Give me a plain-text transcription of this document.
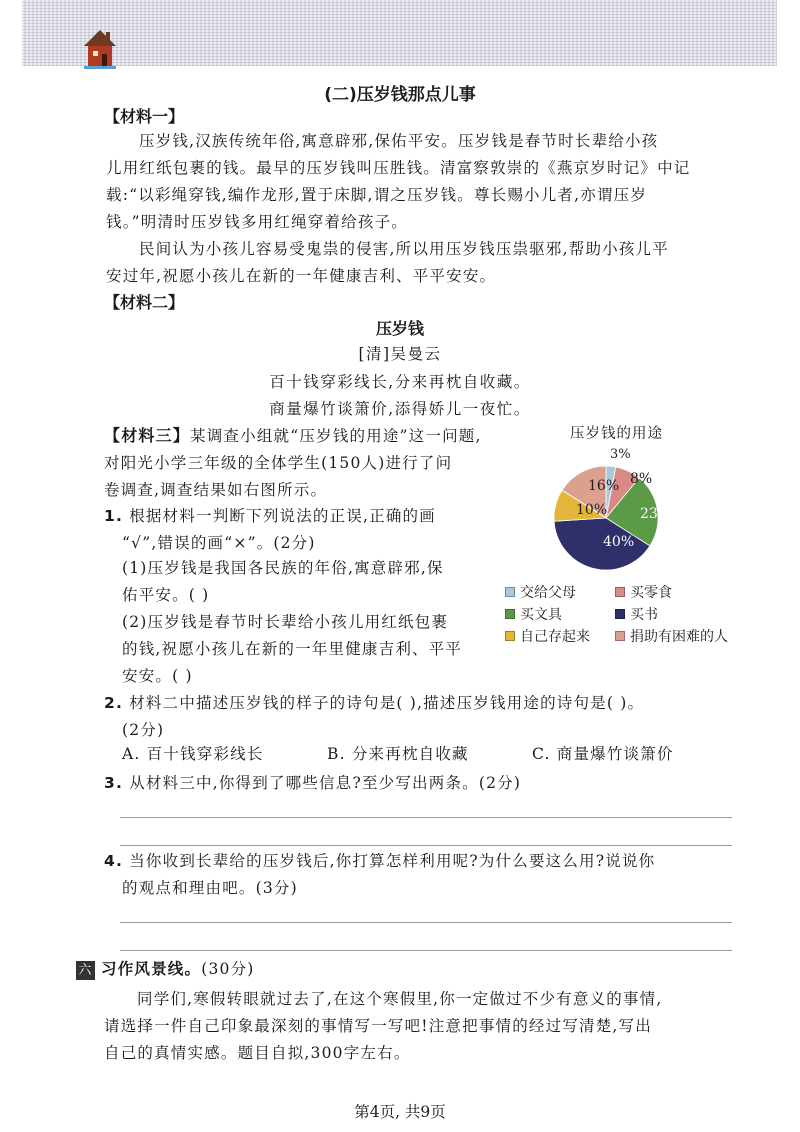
(二)压岁钱那点儿事
【材料一】
压岁钱,汉族传统年俗,寓意辟邪,保佑平安。压岁钱是春节时长辈给小孩
儿用红纸包裹的钱。最早的压岁钱叫压胜钱。清富察敦崇的《燕京岁时记》中记
载:“以彩绳穿钱,编作龙形,置于床脚,谓之压岁钱。尊长赐小儿者,亦谓压岁
钱。”明清时压岁钱多用红绳穿着给孩子。
民间认为小孩儿容易受鬼祟的侵害,所以用压岁钱压祟驱邪,帮助小孩儿平
安过年,祝愿小孩儿在新的一年健康吉利、平平安安。
【材料二】
压岁钱
[清]吴曼云
百十钱穿彩线长,分来再枕自收藏。
商量爆竹谈箫价,添得娇儿一夜忙。
【材料三】某调查小组就“压岁钱的用途”这一问题,
对阳光小学三年级的全体学生(150人)进行了问
卷调查,调查结果如右图所示。
1. 根据材料一判断下列说法的正误,正确的画
“√”,错误的画“×”。(2分)
(1)压岁钱是我国各民族的年俗,寓意辟邪,保
佑平安。( )
(2)压岁钱是春节时长辈给小孩儿用红纸包裹
的钱,祝愿小孩儿在新的一年里健康吉利、平平
安安。( )
压岁钱的用途
3%
8%
23%
40%
10%
16%
交给父母	买零食
买文具	买书
自己存起来	捐助有困难的人
2. 材料二中描述压岁钱的样子的诗句是( ),描述压岁钱用途的诗句是( )。
(2分)
A. 百十钱穿彩线长	B. 分来再枕自收藏	C. 商量爆竹谈箫价
3. 从材料三中,你得到了哪些信息?至少写出两条。(2分)
4. 当你收到长辈给的压岁钱后,你打算怎样利用呢?为什么要这么用?说说你
的观点和理由吧。(3分)
六 习作风景线。(30分)
同学们,寒假转眼就过去了,在这个寒假里,你一定做过不少有意义的事情,
请选择一件自己印象最深刻的事情写一写吧!注意把事情的经过写清楚,写出
自己的真情实感。题目自拟,300字左右。
第4页, 共9页
